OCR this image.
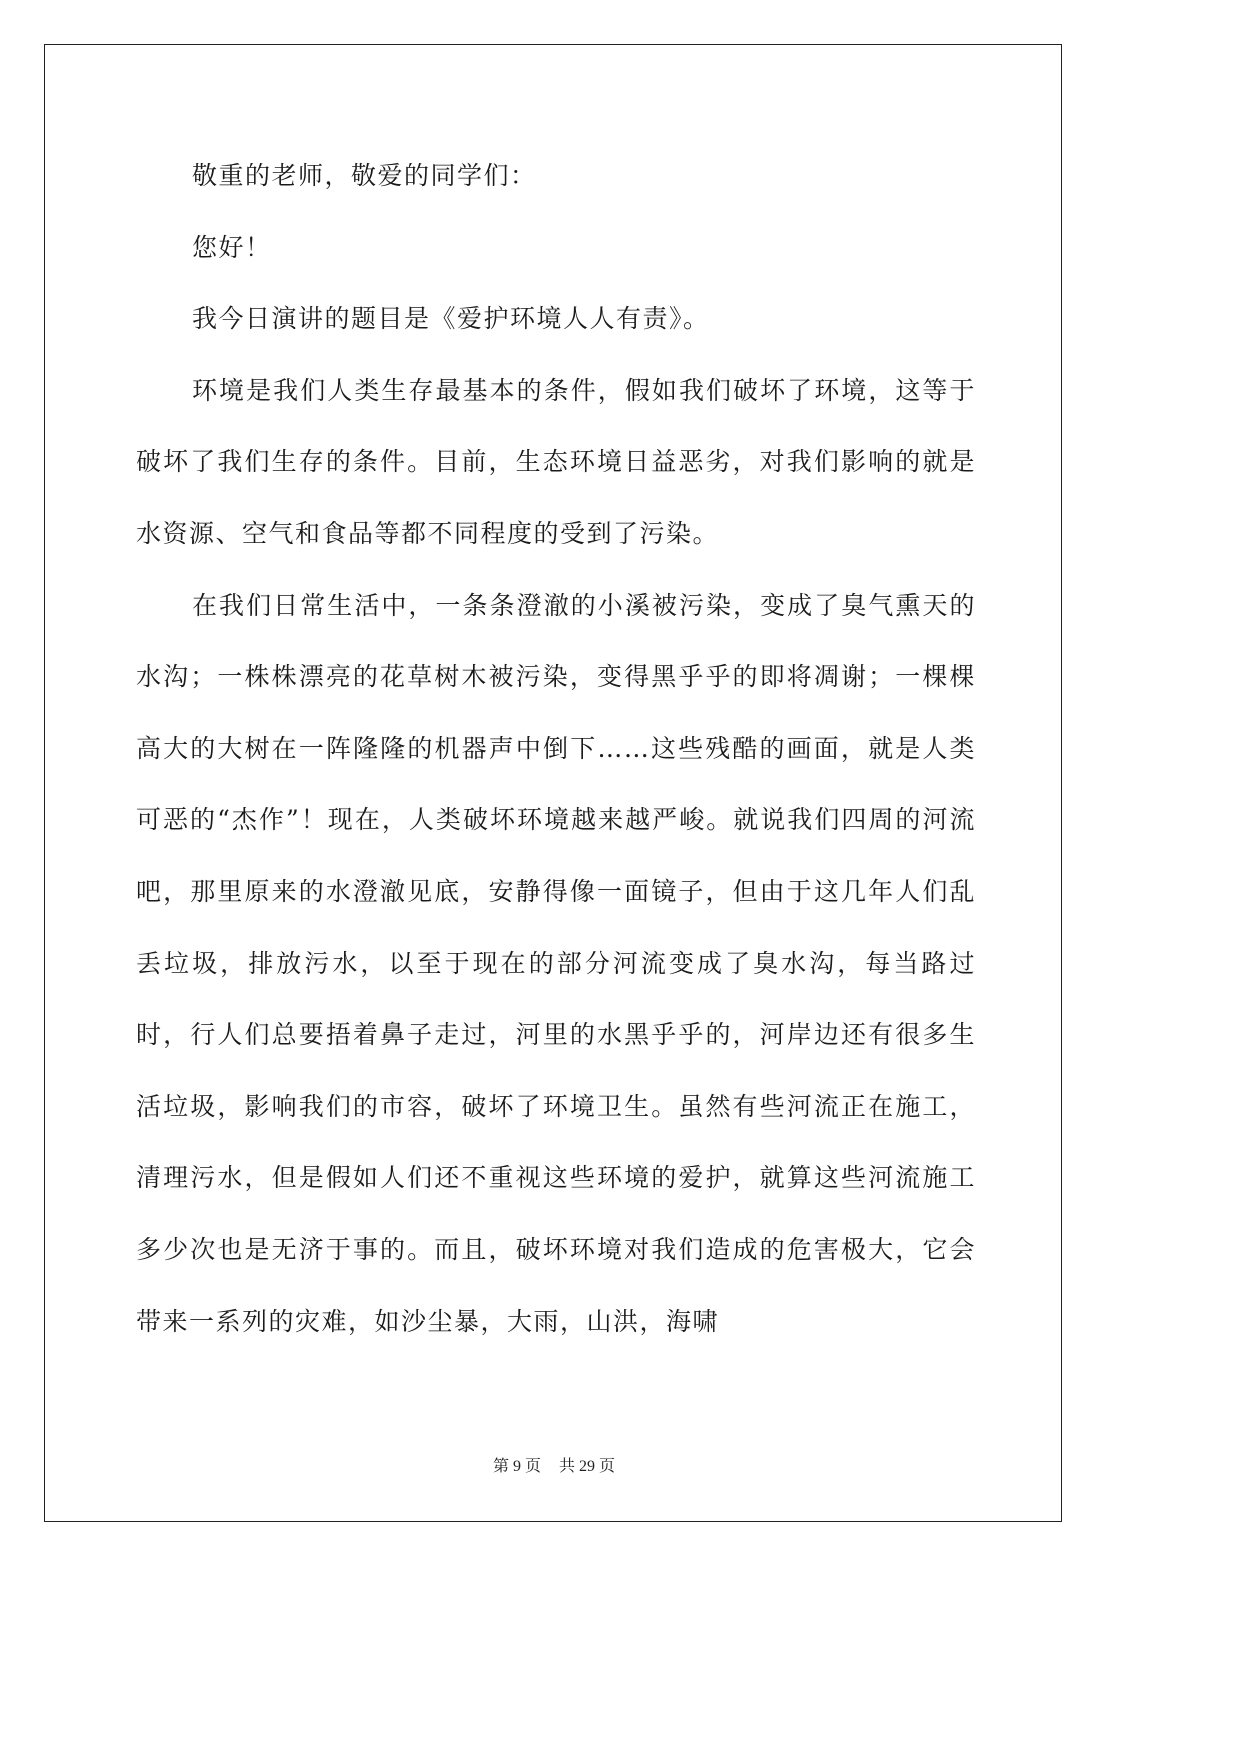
敬重的老师，敬爱的同学们：

您好！

我今日演讲的题目是《爱护环境人人有责》。

环境是我们人类生存最基本的条件，假如我们破坏了环境，这等于破坏了我们生存的条件。目前，生态环境日益恶劣，对我们影响的就是水资源、空气和食品等都不同程度的受到了污染。

在我们日常生活中，一条条澄澈的小溪被污染，变成了臭气熏天的水沟；一株株漂亮的花草树木被污染，变得黑乎乎的即将凋谢；一棵棵高大的大树在一阵隆隆的机器声中倒下……这些残酷的画面，就是人类可恶的“杰作”！现在，人类破坏环境越来越严峻。就说我们四周的河流吧，那里原来的水澄澈见底，安静得像一面镜子，但由于这几年人们乱丢垃圾，排放污水，以至于现在的部分河流变成了臭水沟，每当路过时，行人们总要捂着鼻子走过，河里的水黑乎乎的，河岸边还有很多生活垃圾，影响我们的市容，破坏了环境卫生。虽然有些河流正在施工，清理污水，但是假如人们还不重视这些环境的爱护，就算这些河流施工多少次也是无济于事的。而且，破坏环境对我们造成的危害极大，它会带来一系列的灾难，如沙尘暴，大雨，山洪，海啸

第 9 页 共 29 页
